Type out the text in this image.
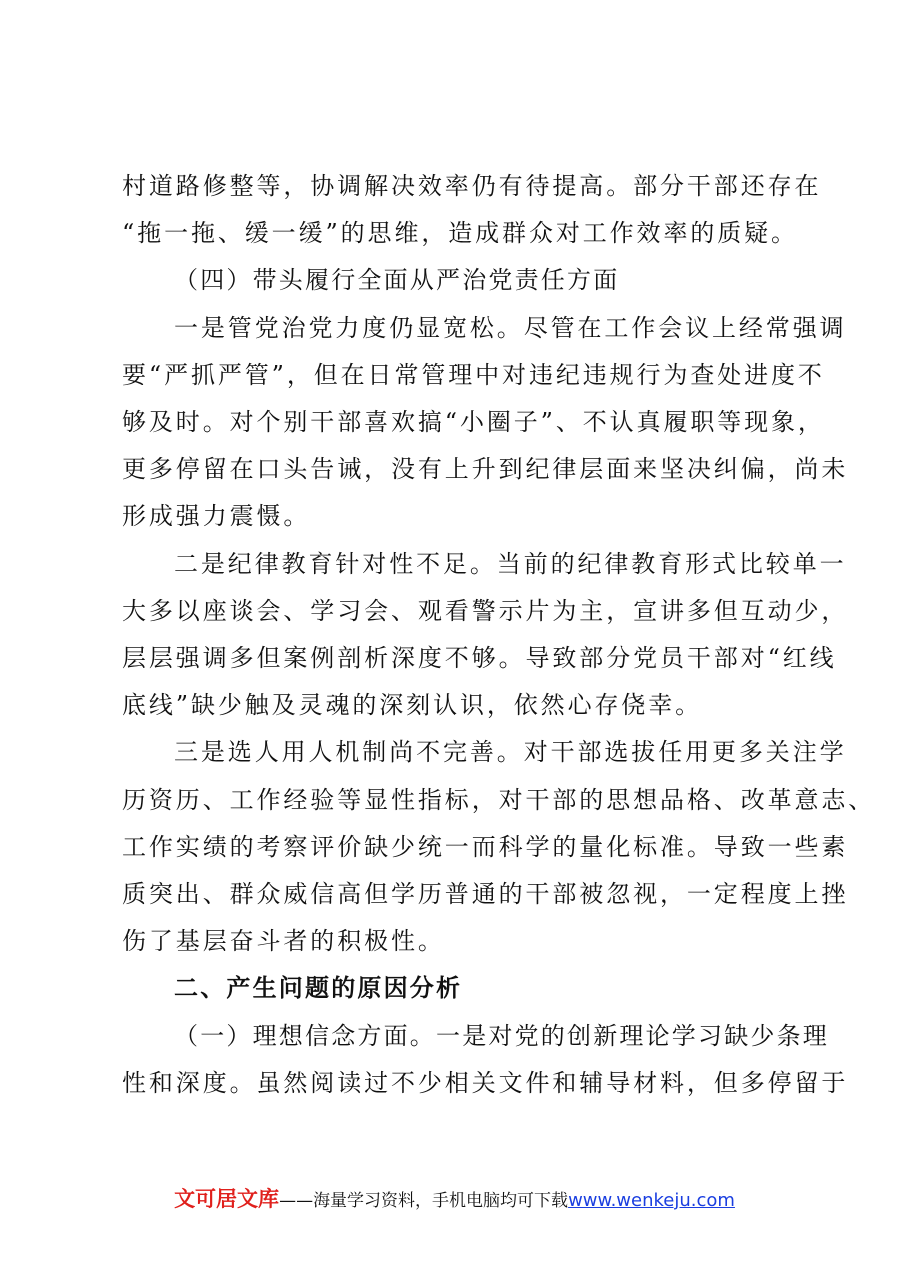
村道路修整等，协调解决效率仍有待提高。部分干部还存在
“拖一拖、缓一缓”的思维，造成群众对工作效率的质疑。
（四）带头履行全面从严治党责任方面
一是管党治党力度仍显宽松。尽管在工作会议上经常强调
要“严抓严管”，但在日常管理中对违纪违规行为查处进度不
够及时。对个别干部喜欢搞“小圈子”、不认真履职等现象，
更多停留在口头告诫，没有上升到纪律层面来坚决纠偏，尚未
形成强力震慑。
二是纪律教育针对性不足。当前的纪律教育形式比较单一
大多以座谈会、学习会、观看警示片为主，宣讲多但互动少，
层层强调多但案例剖析深度不够。导致部分党员干部对“红线
底线”缺少触及灵魂的深刻认识，依然心存侥幸。
三是选人用人机制尚不完善。对干部选拔任用更多关注学
历资历、工作经验等显性指标，对干部的思想品格、改革意志、
工作实绩的考察评价缺少统一而科学的量化标准。导致一些素
质突出、群众威信高但学历普通的干部被忽视，一定程度上挫
伤了基层奋斗者的积极性。
二、产生问题的原因分析
（一）理想信念方面。一是对党的创新理论学习缺少条理
性和深度。虽然阅读过不少相关文件和辅导材料，但多停留于
文可居文库——海量学习资料，手机电脑均可下载www.wenkeju.com
